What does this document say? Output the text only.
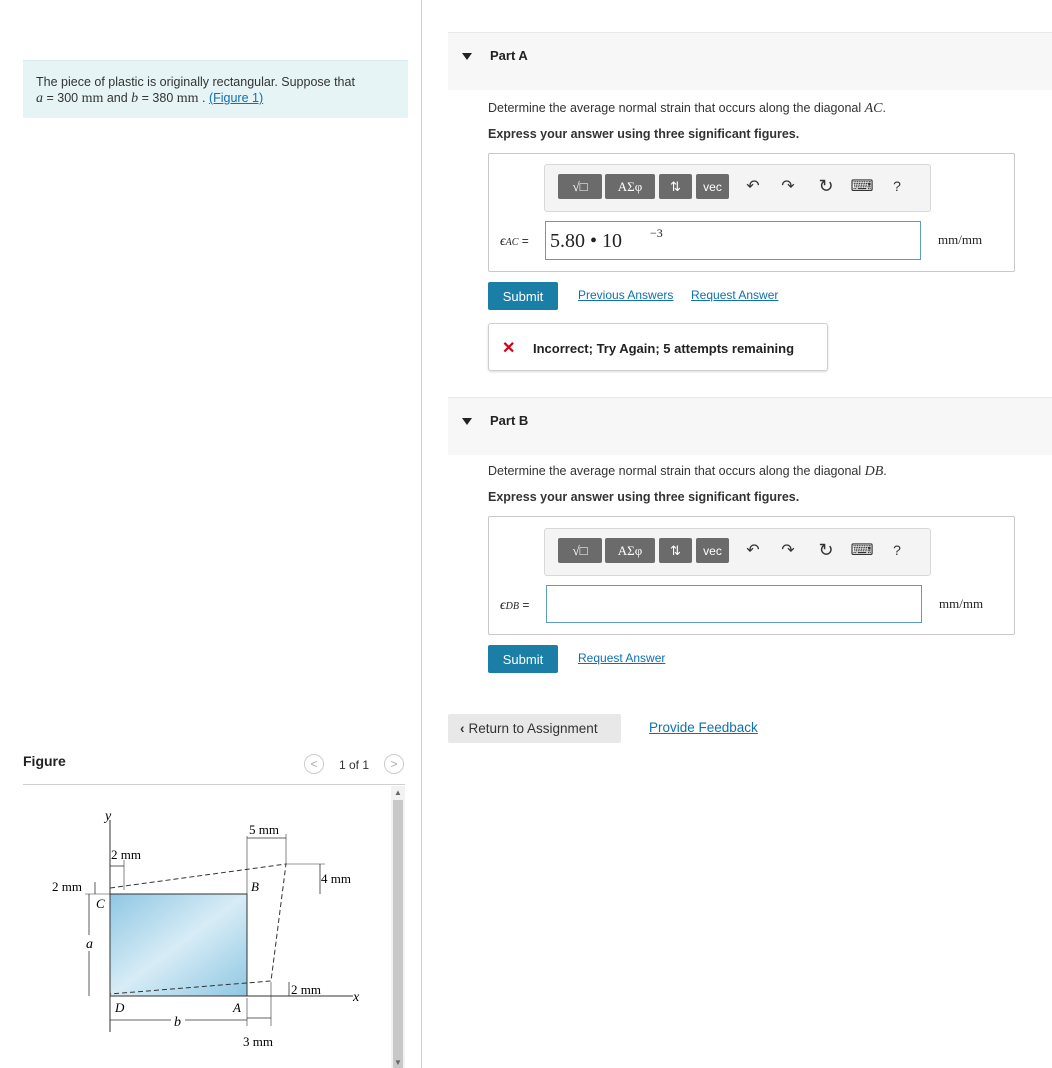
The piece of plastic is originally rectangular. Suppose that
a = 300 mm and b = 380 mm . (Figure 1)
Part A
Determine the average normal strain that occurs along the diagonal AC.
Express your answer using three significant figures.
√□	ΑΣφ	⇅	vec	↶ ↷ ↻ ⌨	?
ϵAC = 5.80 • 10 −3	mm/mm
Submit	Previous Answers Request Answer
✕ Incorrect; Try Again; 5 attempts remaining
Part B
Determine the average normal strain that occurs along the diagonal DB.
Express your answer using three significant figures.
√□	ΑΣφ	⇅	vec	↶ ↷ ↻ ⌨	?
ϵDB =	mm/mm
Submit	Request Answer
‹ Return to Assignment	Provide Feedback
Figure	< 1 of 1 >
y
x
C
B
D	A
a
b
2 mm
2 mm
5 mm
4 mm
2 mm
3 mm
▲
▼
